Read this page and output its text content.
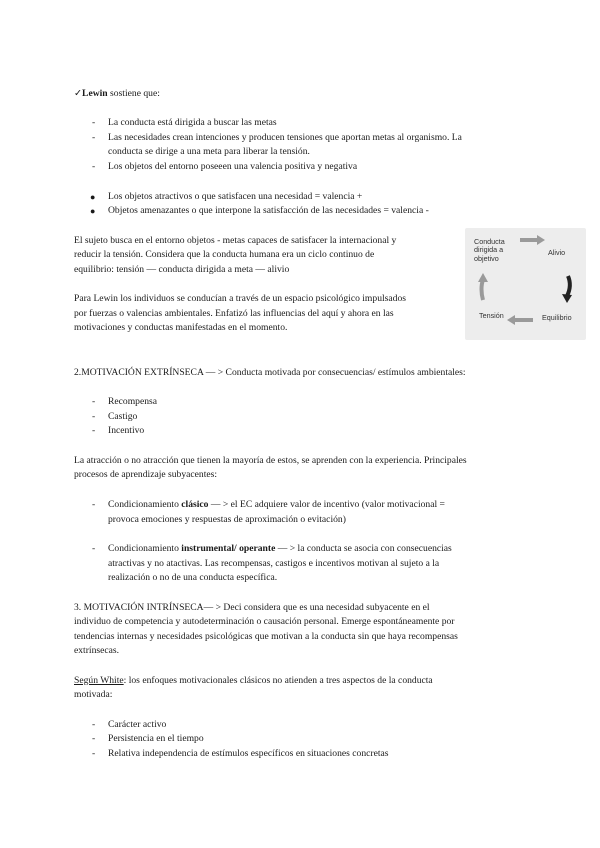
✓Lewin sostiene que:
- La conducta está dirigida a buscar las metas
- Las necesidades crean intenciones y producen tensiones que aportan metas al organismo. La
conducta se dirige a una meta para liberar la tensión.
- Los objetos del entorno poseeen una valencia positiva y negativa
● Los objetos atractivos o que satisfacen una necesidad = valencia +
● Objetos amenazantes o que interpone la satisfacción de las necesidades = valencia -
El sujeto busca en el entorno objetos - metas capaces de satisfacer la internacional y
reducir la tensión. Considera que la conducta humana era un ciclo continuo de
equilibrio: tensión — conducta dirigida a meta — alivio
Para Lewin los individuos se conducían a través de un espacio psicológico impulsados
por fuerzas o valencias ambientales. Enfatizó las influencias del aquí y ahora en las
motivaciones y conductas manifestadas en el momento.
Conducta
dirigida a
objetivo
Alivio
Tensión	Equilibrio
2.MOTIVACIÓN EXTRÍNSECA — > Conducta motivada por consecuencias/ estímulos ambientales:
- Recompensa
- Castigo
- Incentivo
La atracción o no atracción que tienen la mayoría de estos, se aprenden con la experiencia. Principales
procesos de aprendizaje subyacentes:
- Condicionamiento clásico — > el EC adquiere valor de incentivo (valor motivacional =
provoca emociones y respuestas de aproximación o evitación)
- Condicionamiento instrumental/ operante — > la conducta se asocia con consecuencias
atractivas y no atactivas. Las recompensas, castigos e incentivos motivan al sujeto a la
realización o no de una conducta específica.
3. MOTIVACIÓN INTRÍNSECA— > Deci considera que es una necesidad subyacente en el
individuo de competencia y autodeterminación o causación personal. Emerge espontáneamente por
tendencias internas y necesidades psicológicas que motivan a la conducta sin que haya recompensas
extrínsecas.
Según White: los enfoques motivacionales clásicos no atienden a tres aspectos de la conducta
motivada:
- Carácter activo
- Persistencia en el tiempo
- Relativa independencia de estímulos específicos en situaciones concretas
